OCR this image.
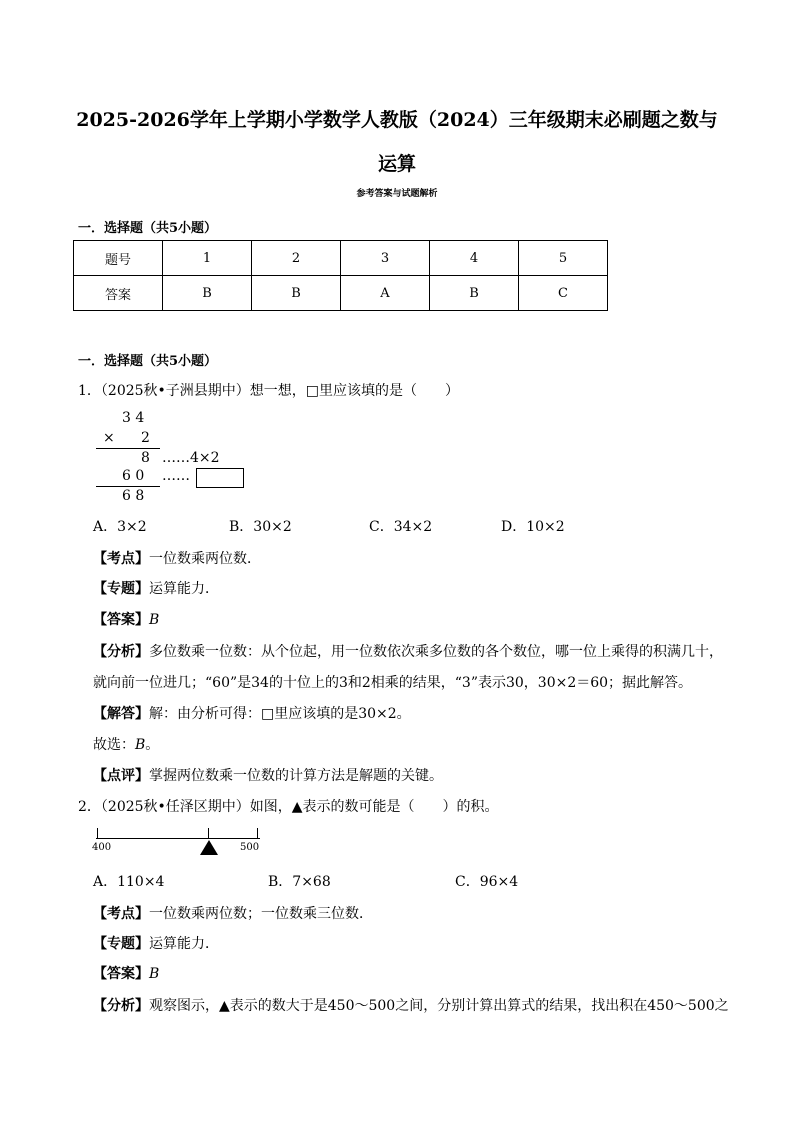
2025-2026学年上学期小学数学人教版（2024）三年级期末必刷题之数与
运算
参考答案与试题解析
一．选择题（共5小题）
题号	1	2	3	4	5
答案	B	B	A	B	C
一．选择题（共5小题）
1．（2025秋•子洲县期中）想一想，□里应该填的是（　　）
3 4
× 2
8 ……4×2
6 0 ……
6 8
A．3×2	B．30×2	C．34×2	D．10×2
【考点】一位数乘两位数．
【专题】运算能力．
【答案】B
【分析】多位数乘一位数：从个位起，用一位数依次乘多位数的各个数位，哪一位上乘得的积满几十，
就向前一位进几；“60”是34的十位上的3和2相乘的结果，“3”表示30，30×2＝60；据此解答。
【解答】解：由分析可得：□里应该填的是30×2。
故选：B。
【点评】掌握两位数乘一位数的计算方法是解题的关键。
2．（2025秋•任泽区期中）如图，▲表示的数可能是（　　）的积。
400	500
A．110×4	B．7×68	C．96×4
【考点】一位数乘两位数；一位数乘三位数．
【专题】运算能力．
【答案】B
【分析】观察图示，▲表示的数大于是450～500之间，分别计算出算式的结果，找出积在450～500之
